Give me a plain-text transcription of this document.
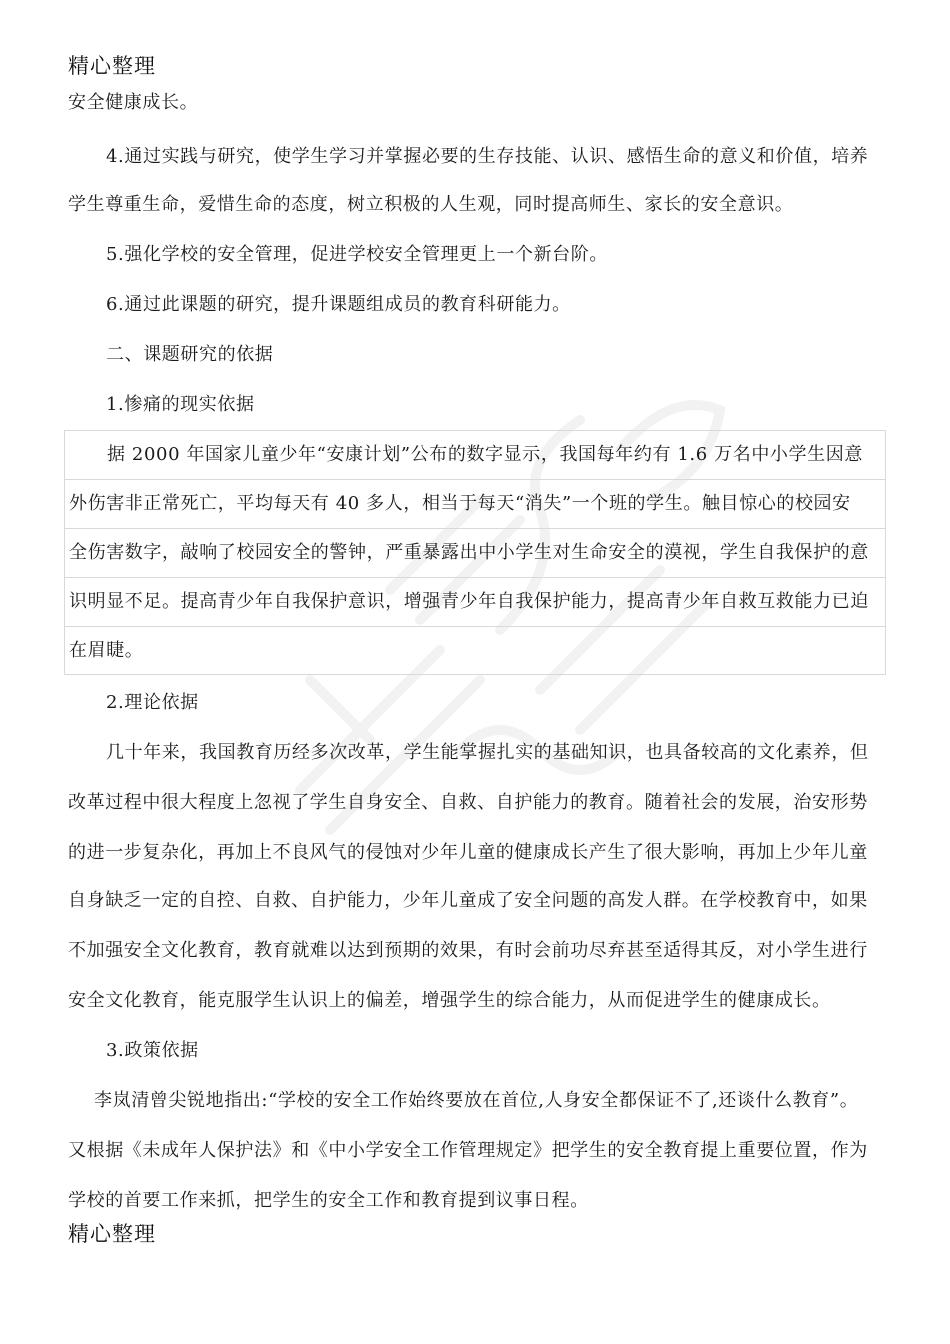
精心整理
安全健康成长。
4.通过实践与研究，使学生学习并掌握必要的生存技能、认识、感悟生命的意义和价值，培养
学生尊重生命，爱惜生命的态度，树立积极的人生观，同时提高师生、家长的安全意识。
5.强化学校的安全管理，促进学校安全管理更上一个新台阶。
6.通过此课题的研究，提升课题组成员的教育科研能力。
二、课题研究的依据
1.惨痛的现实依据
据 2000 年国家儿童少年“安康计划”公布的数字显示，我国每年约有 1.6 万名中小学生因意
外伤害非正常死亡，平均每天有 40 多人，相当于每天“消失”一个班的学生。触目惊心的校园安
全伤害数字，敲响了校园安全的警钟，严重暴露出中小学生对生命安全的漠视，学生自我保护的意
识明显不足。提高青少年自我保护意识，增强青少年自我保护能力，提高青少年自救互救能力已迫
在眉睫。
2.理论依据
几十年来，我国教育历经多次改革，学生能掌握扎实的基础知识，也具备较高的文化素养，但
改革过程中很大程度上忽视了学生自身安全、自救、自护能力的教育。随着社会的发展，治安形势
的进一步复杂化，再加上不良风气的侵蚀对少年儿童的健康成长产生了很大影响，再加上少年儿童
自身缺乏一定的自控、自救、自护能力，少年儿童成了安全问题的高发人群。在学校教育中，如果
不加强安全文化教育，教育就难以达到预期的效果，有时会前功尽弃甚至适得其反，对小学生进行
安全文化教育，能克服学生认识上的偏差，增强学生的综合能力，从而促进学生的健康成长。
3.政策依据
李岚清曾尖锐地指出:“学校的安全工作始终要放在首位,人身安全都保证不了,还谈什么教育”。
又根据《未成年人保护法》和《中小学安全工作管理规定》把学生的安全教育提上重要位置，作为
学校的首要工作来抓，把学生的安全工作和教育提到议事日程。
精心整理
